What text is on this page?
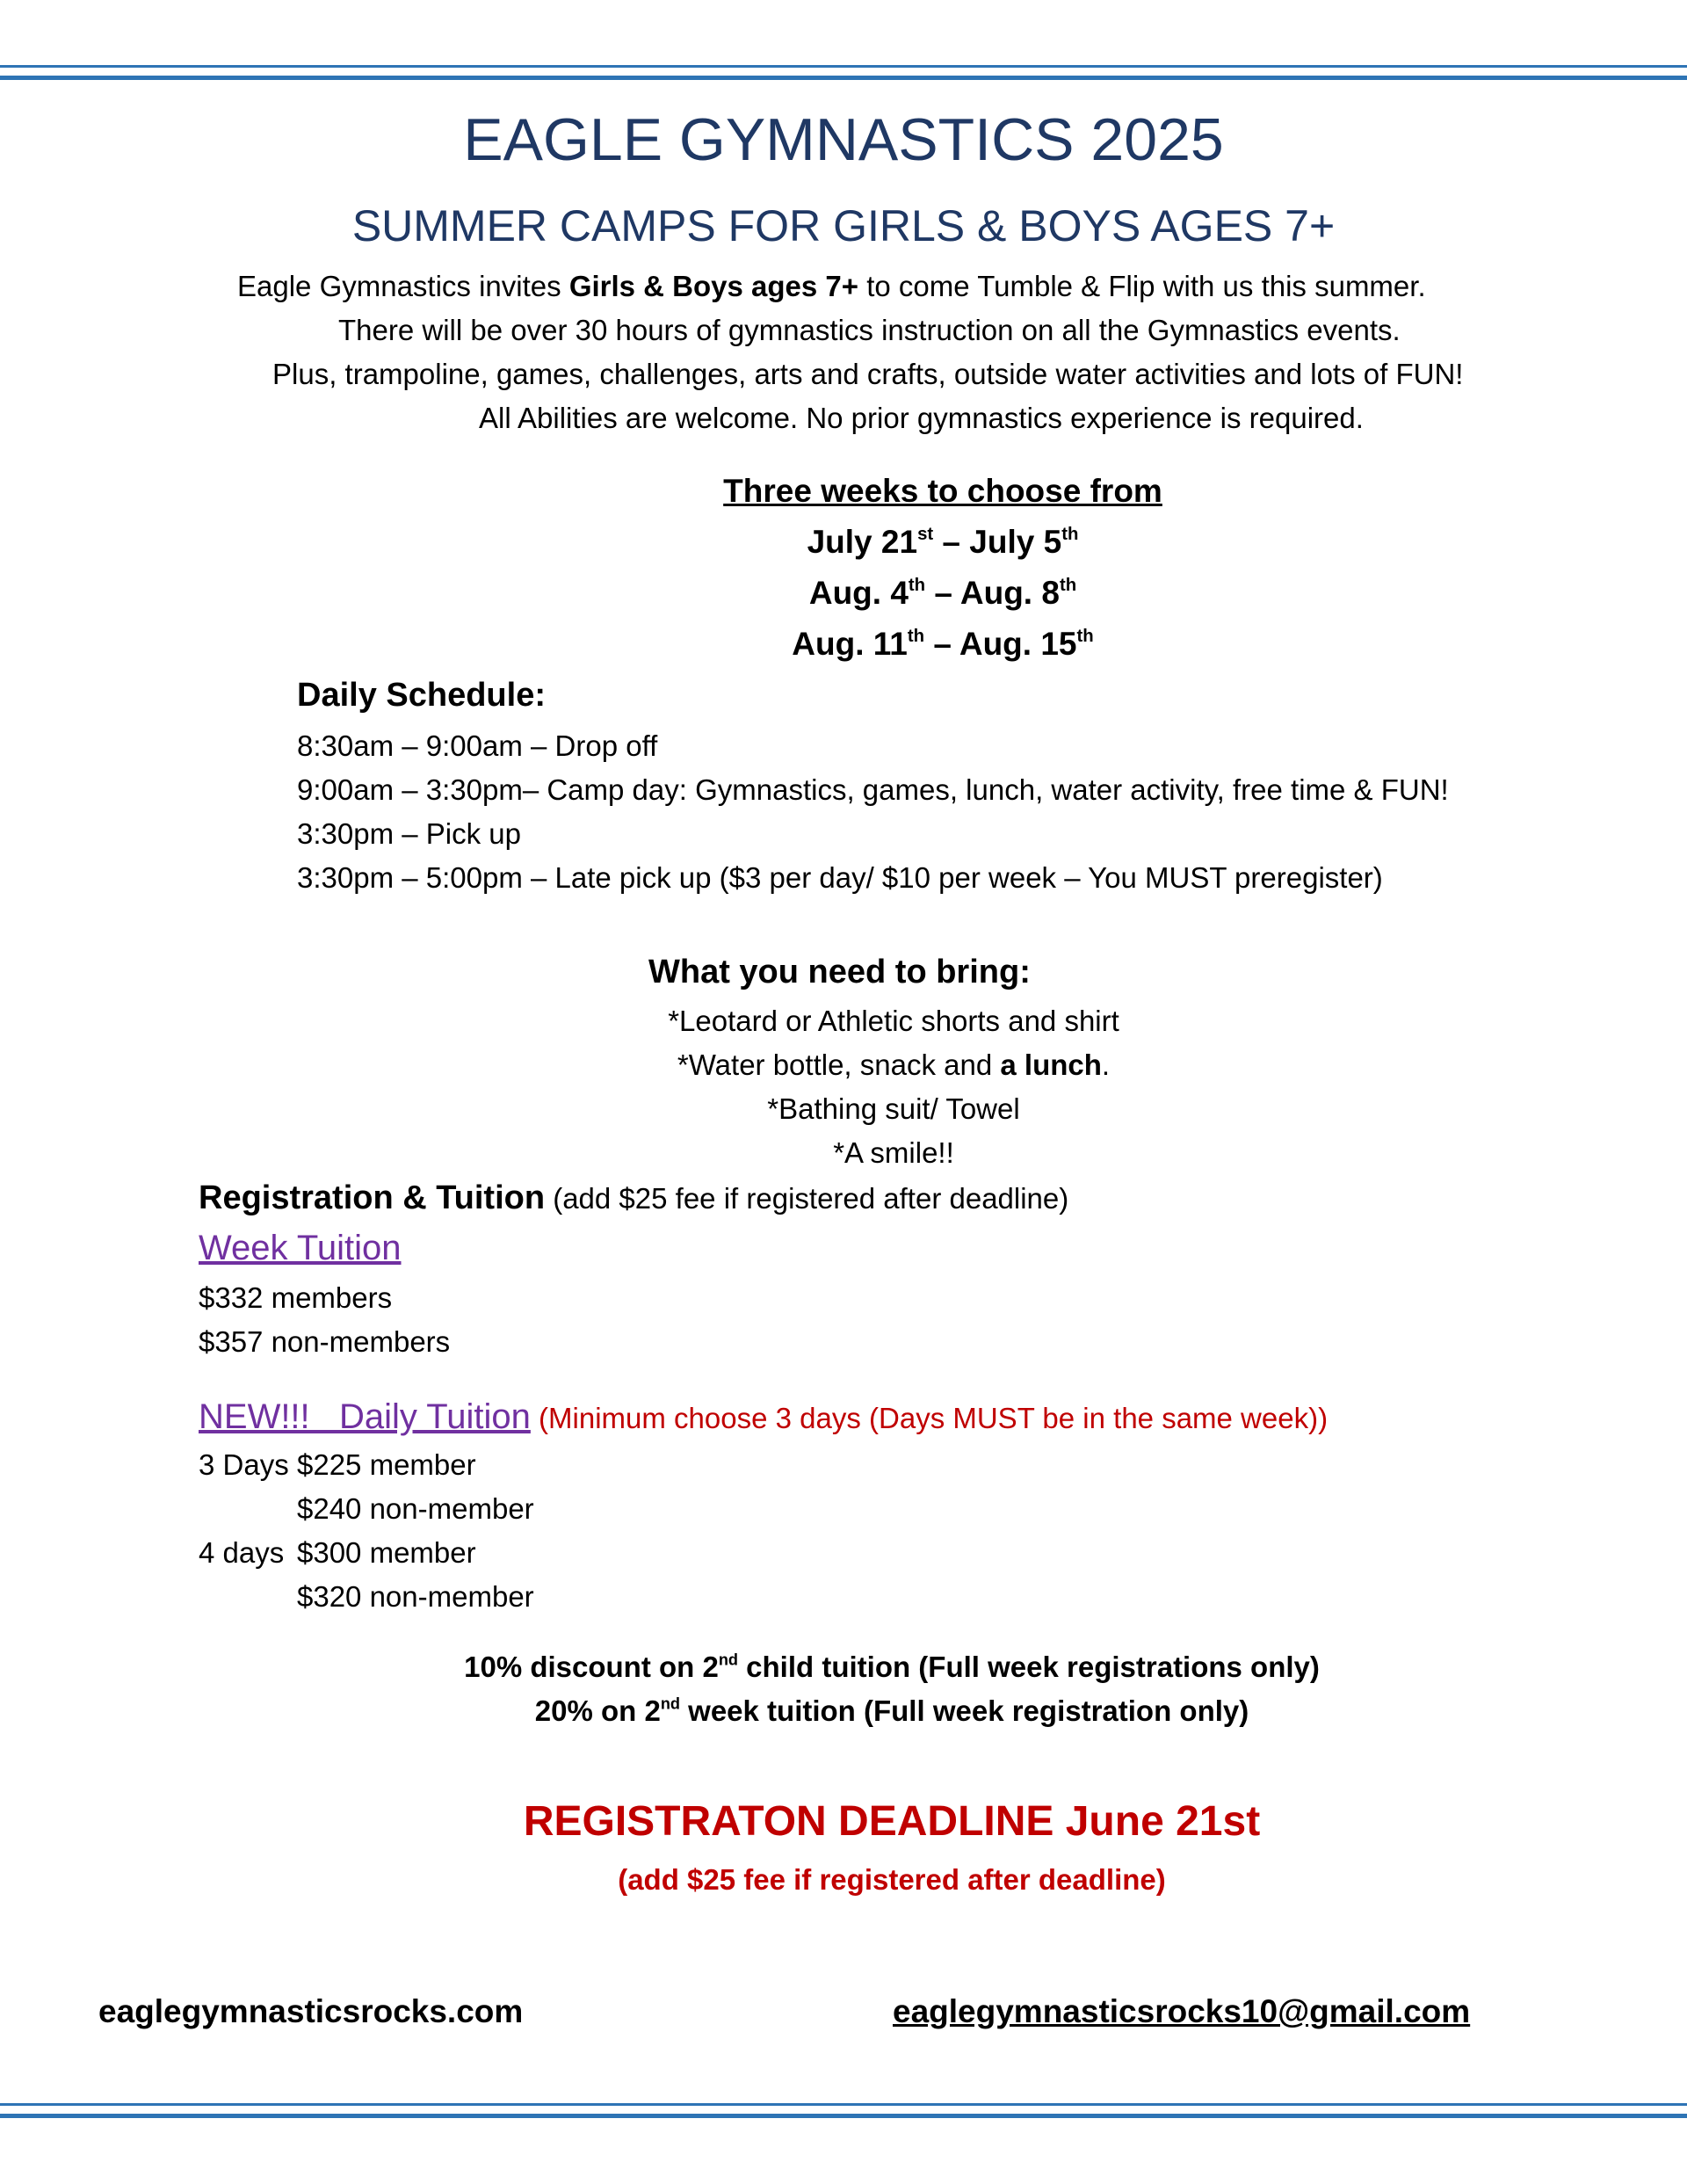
EAGLE GYMNASTICS 2025
SUMMER CAMPS FOR GIRLS & BOYS AGES 7+
Eagle Gymnastics invites Girls & Boys ages 7+ to come Tumble & Flip with us this summer.
There will be over 30 hours of gymnastics instruction on all the Gymnastics events.
Plus, trampoline, games, challenges, arts and crafts, outside water activities and lots of FUN!
All Abilities are welcome. No prior gymnastics experience is required.
Three weeks to choose from
July 21st – July 5th
Aug. 4th – Aug. 8th
Aug. 11th – Aug. 15th
Daily Schedule:
8:30am – 9:00am – Drop off
9:00am – 3:30pm– Camp day: Gymnastics, games, lunch, water activity, free time & FUN!
3:30pm – Pick up
3:30pm – 5:00pm – Late pick up ($3 per day/ $10 per week – You MUST preregister)
What you need to bring:
*Leotard or Athletic shorts and shirt
*Water bottle, snack and a lunch.
*Bathing suit/ Towel
*A smile!!
Registration & Tuition (add $25 fee if registered after deadline)
Week Tuition
$332 members
$357 non-members
NEW!!!   Daily Tuition (Minimum choose 3 days (Days MUST be in the same week))
3 Days $225 member
$240 non-member
4 days $300 member
$320 non-member
10% discount on 2nd child tuition (Full week registrations only)
20% on 2nd week tuition (Full week registration only)
REGISTRATON DEADLINE June 21st
(add $25 fee if registered after deadline)
eaglegymnasticsrocks.com	eaglegymnasticsrocks10@gmail.com
